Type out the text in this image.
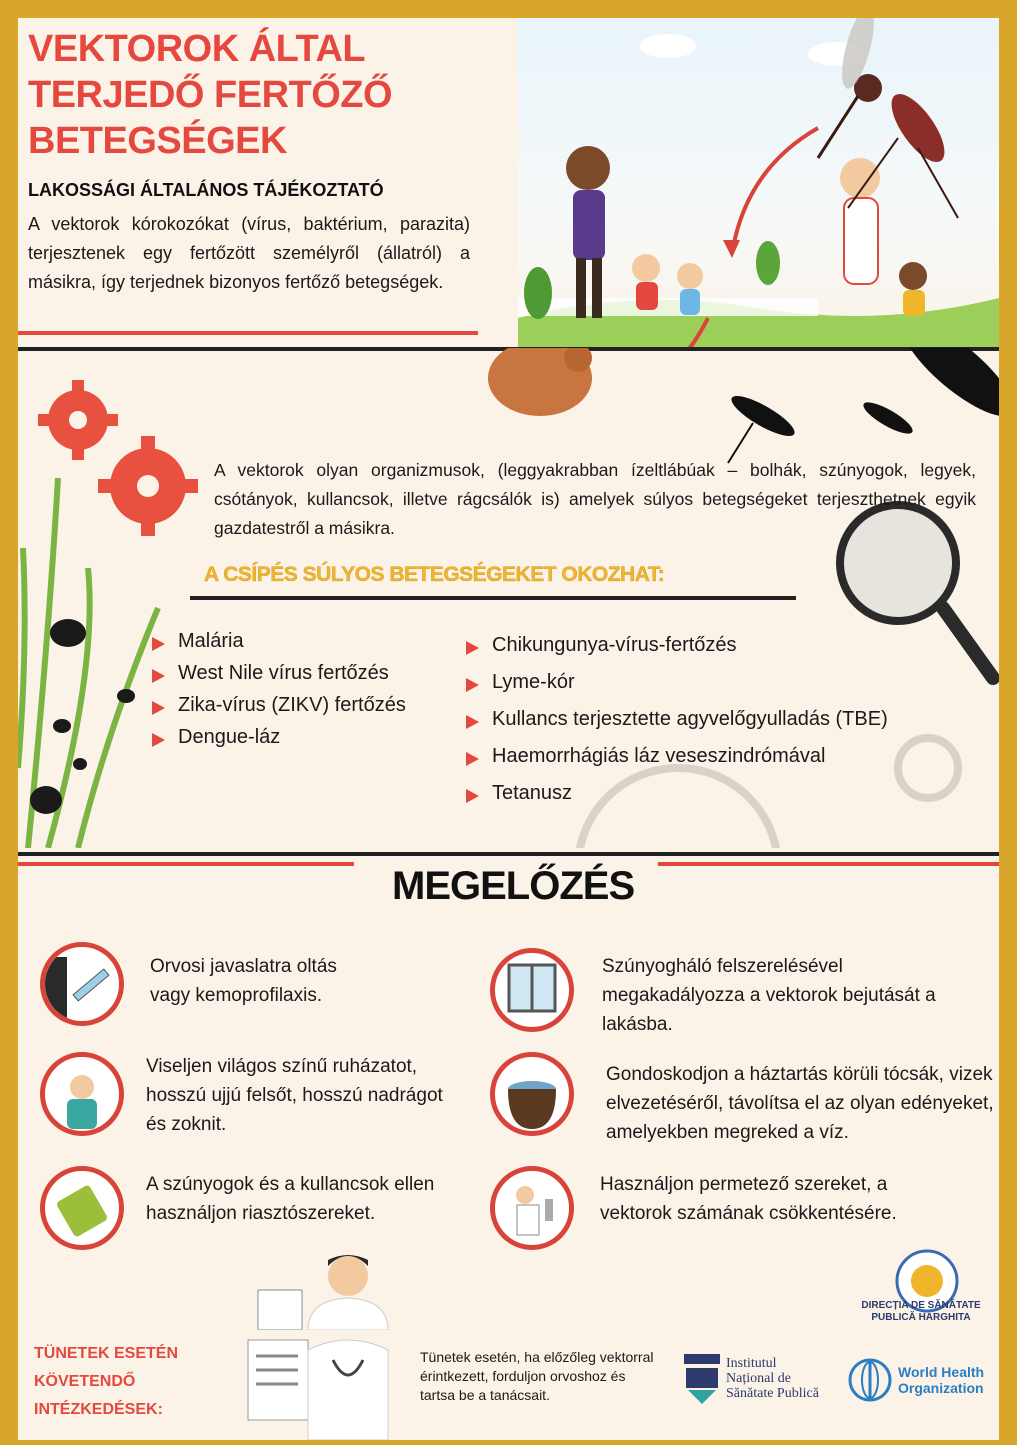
VEKTOROK ÁLTAL
TERJEDŐ FERTŐZŐ
BETEGSÉGEK
LAKOSSÁGI ÁLTALÁNOS TÁJÉKOZTATÓ
A vektorok kórokozókat (vírus, baktérium, parazita) terjesztenek egy fertőzött személyről (állatról) a másikra, így terjednek bizonyos fertőző betegségek.
A vektorok olyan organizmusok, (leggyakrabban ízeltlábúak – bolhák, szúnyogok, legyek, csótányok, kullancsok, illetve rágcsálók is) amelyek súlyos betegségeket terjeszthetnek egyik gazdatestről a másikra.
A CSÍPÉS SÚLYOS BETEGSÉGEKET OKOZHAT:
Malária
West Nile vírus fertőzés
Zika-vírus (ZIKV) fertőzés
Dengue-láz
Chikungunya-vírus-fertőzés
Lyme-kór
Kullancs terjesztette agyvelőgyulladás (TBE)
Haemorrhágiás láz veseszindrómával
Tetanusz
MEGELŐZÉS
Orvosi javaslatra oltás vagy kemoprofilaxis.
Szúnyogháló felszerelésével megakadályozza a vektorok bejutását a lakásba.
Viseljen világos színű ruházatot, hosszú ujjú felsőt, hosszú nadrágot és zoknit.
Gondoskodjon a háztartás körüli tócsák, vizek elvezetéséről, távolítsa el az olyan edényeket, amelyekben megreked a víz.
A szúnyogok és a kullancsok ellen használjon riasztószereket.
Használjon permetező szereket, a vektorok számának csökkentésére.
DIRECȚIA DE SĂNĂTATE
PUBLICĂ HARGHITA
TÜNETEK ESETÉN
KÖVETENDŐ
INTÉZKEDÉSEK:
Tünetek esetén, ha előzőleg vektorral érintkezett, forduljon orvoshoz és tartsa be a tanácsait.
Institutul
Național de
Sănătate Publică
World Health
Organization
